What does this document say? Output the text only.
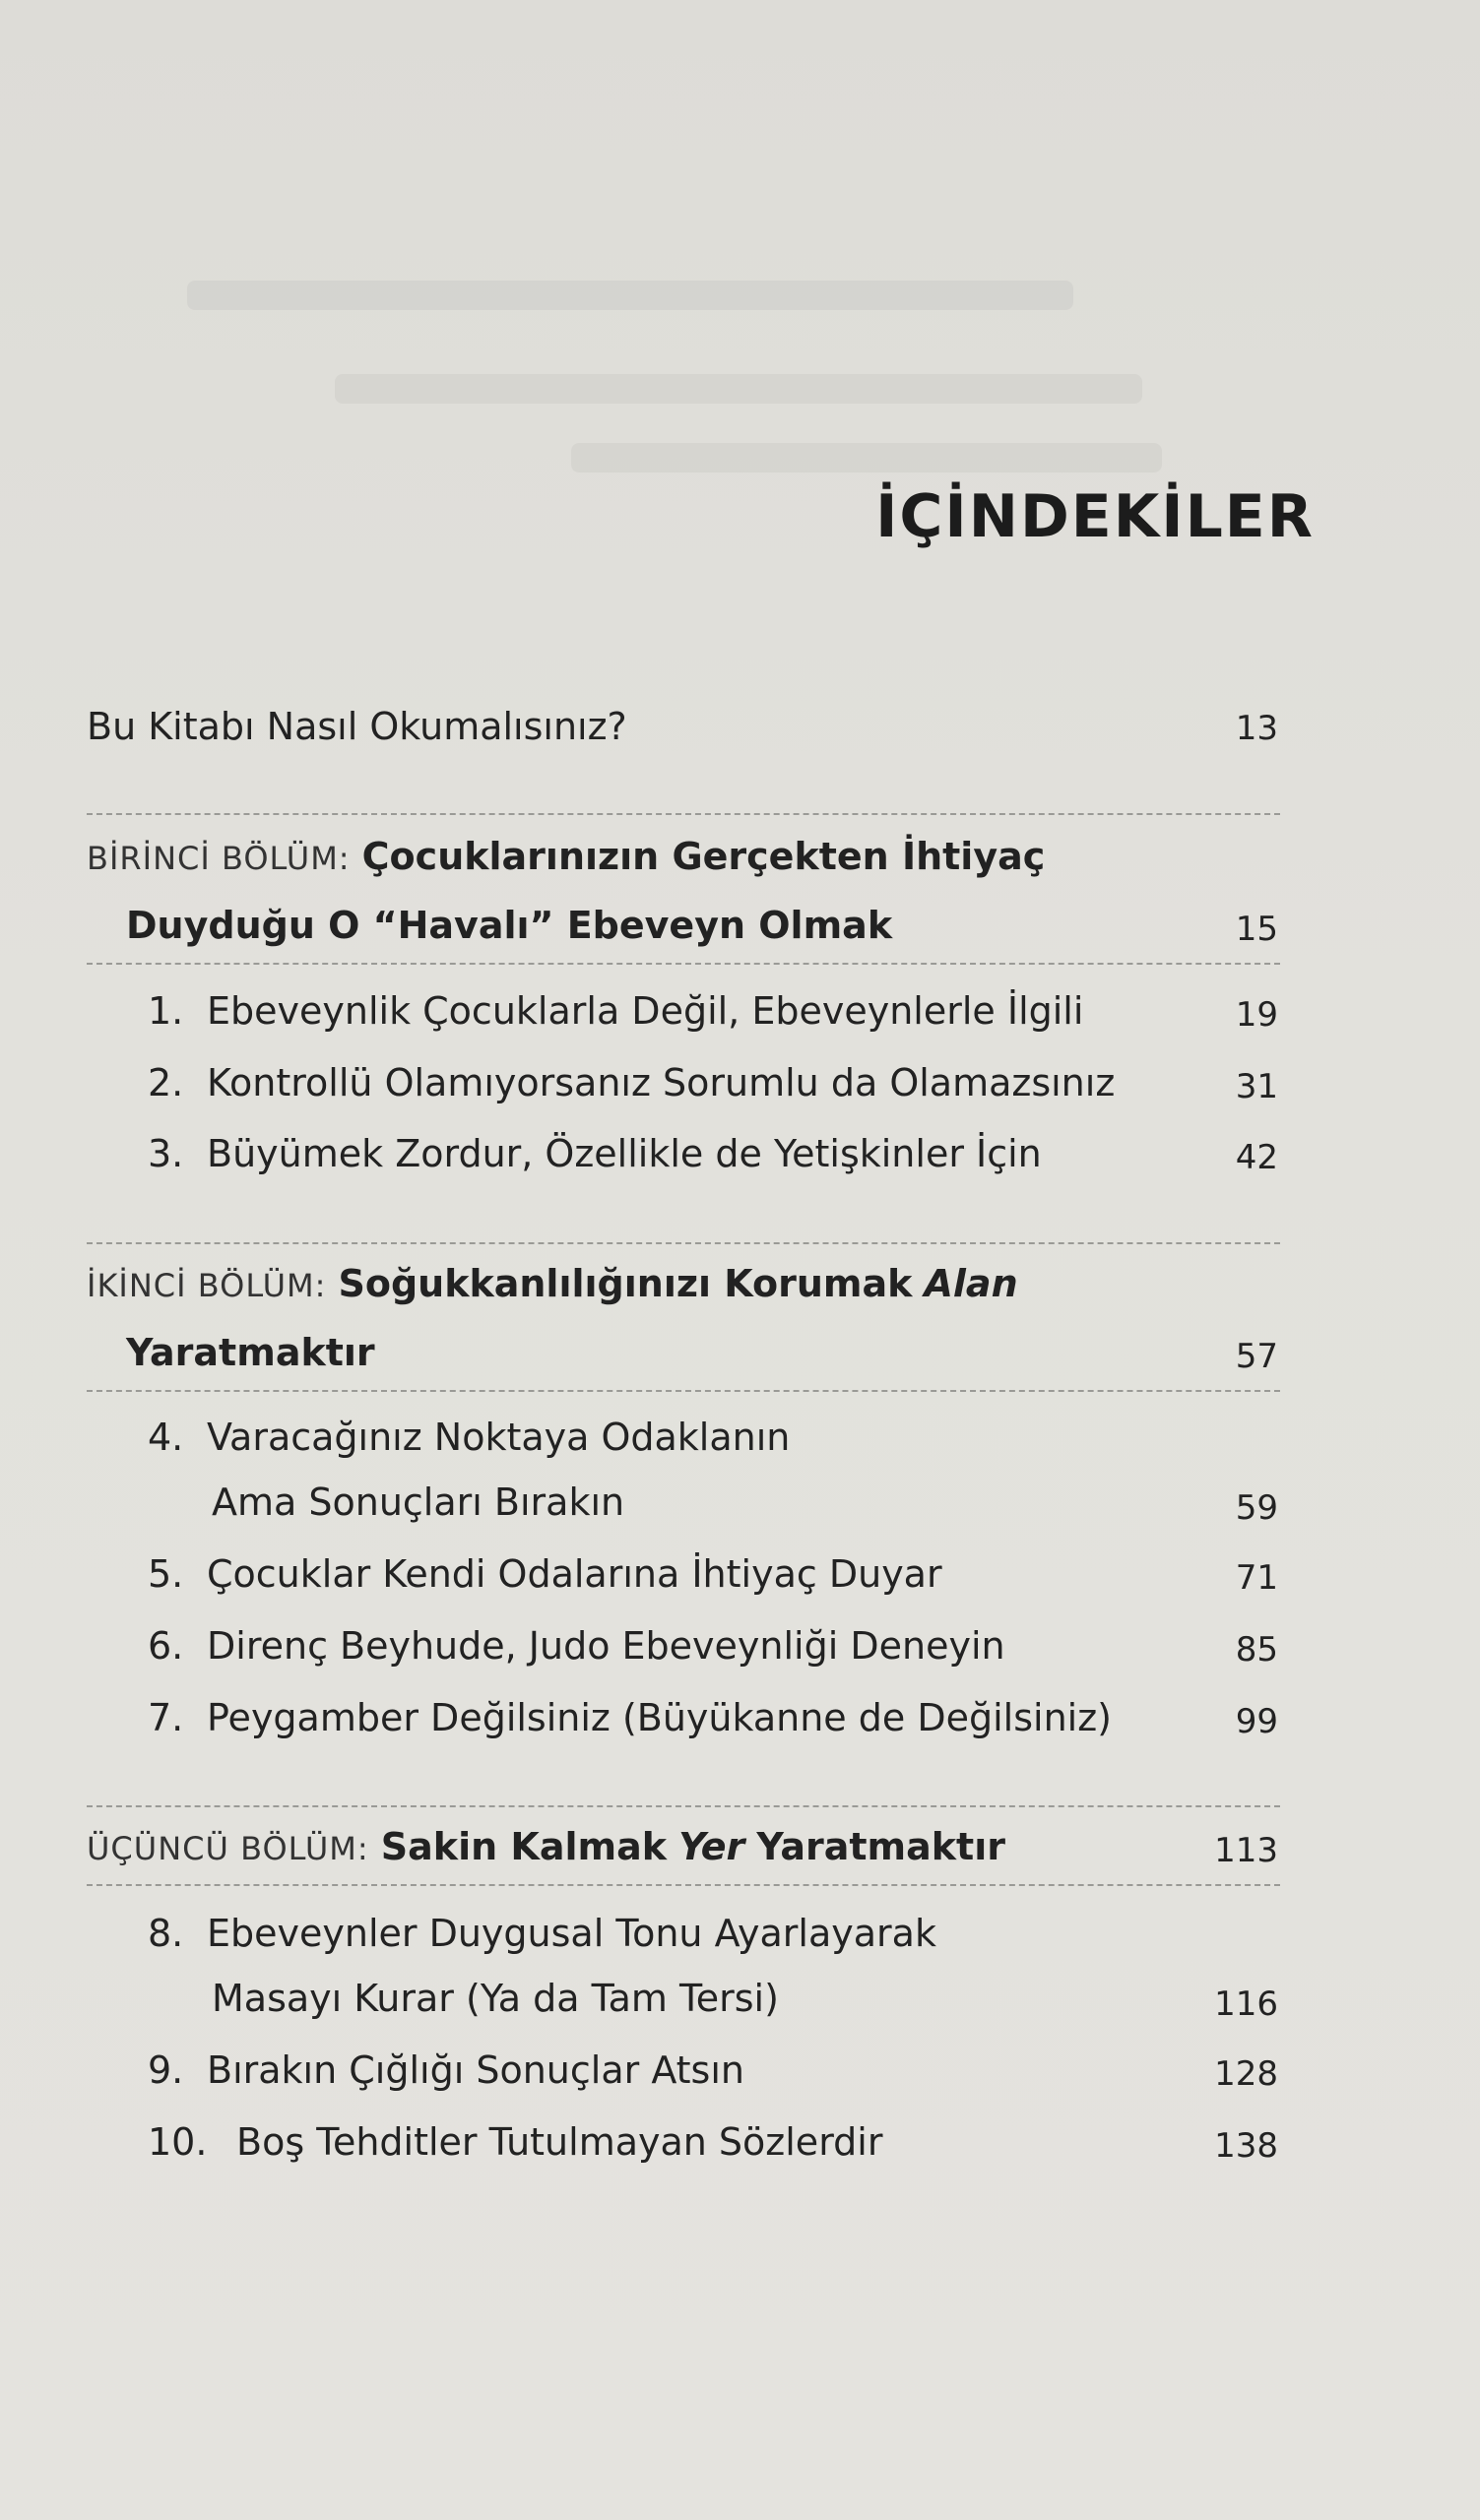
İÇİNDEKİLER
Bu Kitabı Nasıl Okumalısınız?	13
BİRİNCİ BÖLÜM: Çocuklarınızın Gerçekten İhtiyaç
Duyduğu O “Havalı” Ebeveyn Olmak	15
1. Ebeveynlik Çocuklarla Değil, Ebeveynlerle İlgili	19
2. Kontrollü Olamıyorsanız Sorumlu da Olamazsınız	31
3. Büyümek Zordur, Özellikle de Yetişkinler İçin	42
İKİNCİ BÖLÜM: Soğukkanlılığınızı Korumak Alan
Yaratmaktır	57
4. Varacağınız Noktaya Odaklanın
Ama Sonuçları Bırakın	59
5. Çocuklar Kendi Odalarına İhtiyaç Duyar	71
6. Direnç Beyhude, Judo Ebeveynliği Deneyin	85
7. Peygamber Değilsiniz (Büyükanne de Değilsiniz)	99
ÜÇÜNCÜ BÖLÜM: Sakin Kalmak Yer Yaratmaktır	113
8. Ebeveynler Duygusal Tonu Ayarlayarak
Masayı Kurar (Ya da Tam Tersi)	116
9. Bırakın Çığlığı Sonuçlar Atsın	128
10. Boş Tehditler Tutulmayan Sözlerdir	138
